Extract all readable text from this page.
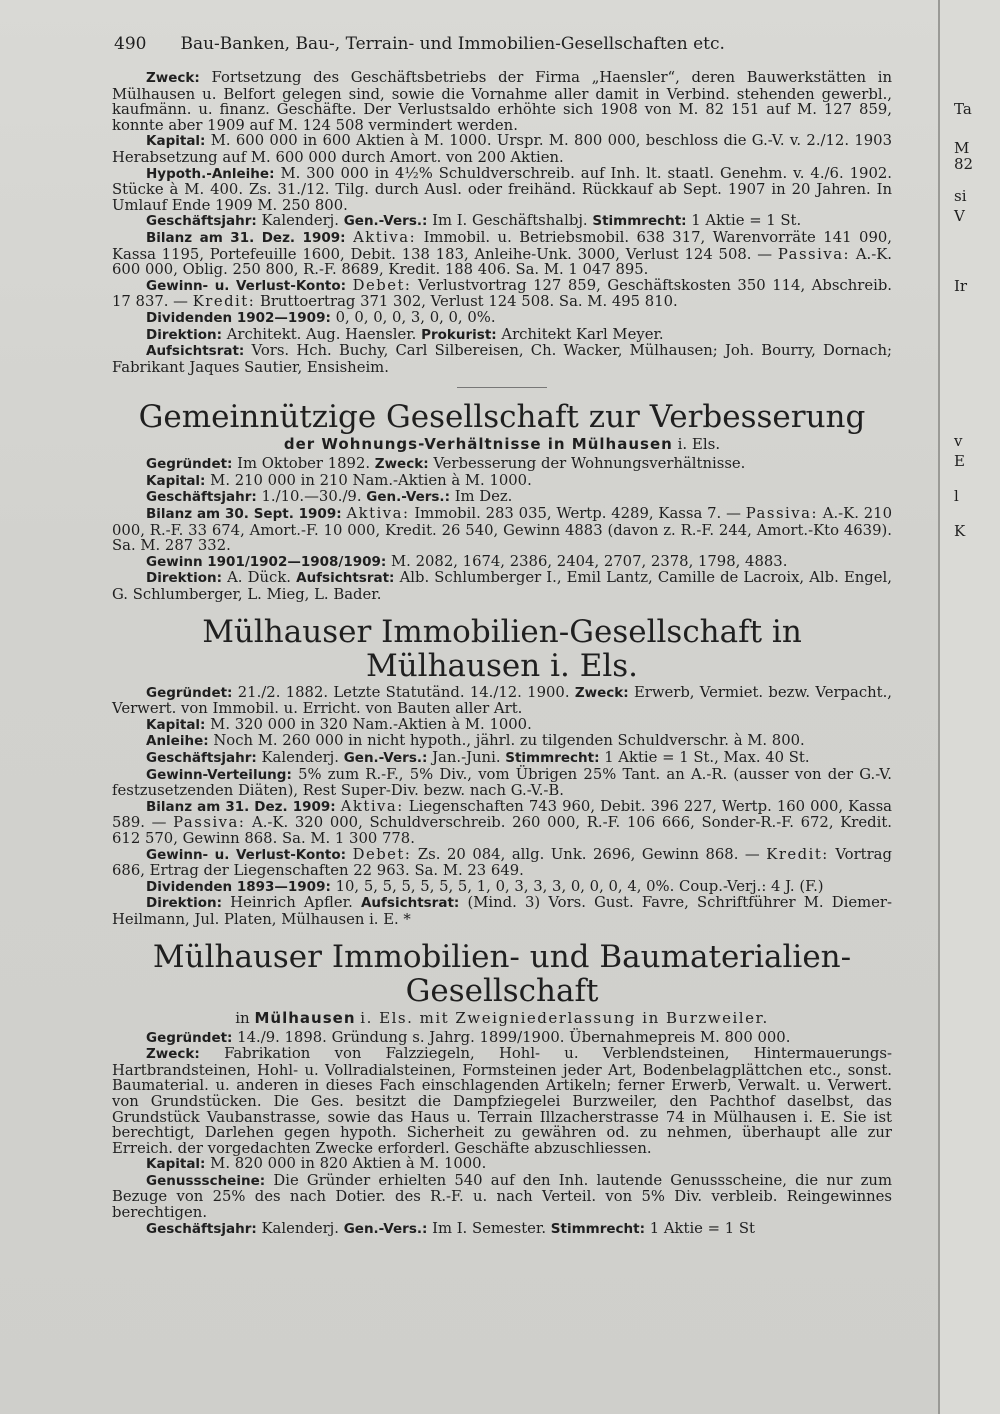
Ta
M
82
si
V
Ir
v
E
l
K
490 Bau-Banken, Bau-, Terrain- und Immobilien-Gesellschaften etc.

Zweck: Fortsetzung des Geschäftsbetriebs der Firma „Haensler“, deren Bauwerkstätten in Mülhausen u. Belfort gelegen sind, sowie die Vornahme aller damit in Verbind. stehenden gewerbl., kaufmänn. u. finanz. Geschäfte. Der Verlustsaldo erhöhte sich 1908 von M. 82 151 auf M. 127 859, konnte aber 1909 auf M. 124 508 vermindert werden.

Kapital: M. 600 000 in 600 Aktien à M. 1000. Urspr. M. 800 000, beschloss die G.-V. v. 2./12. 1903 Herabsetzung auf M. 600 000 durch Amort. von 200 Aktien.

Hypoth.-Anleihe: M. 300 000 in 4½% Schuldverschreib. auf Inh. lt. staatl. Genehm. v. 4./6. 1902. Stücke à M. 400. Zs. 31./12. Tilg. durch Ausl. oder freihänd. Rückkauf ab Sept. 1907 in 20 Jahren. In Umlauf Ende 1909 M. 250 800.

Geschäftsjahr: Kalenderj. Gen.-Vers.: Im I. Geschäftshalbj. Stimmrecht: 1 Aktie = 1 St.

Bilanz am 31. Dez. 1909: Aktiva: Immobil. u. Betriebsmobil. 638 317, Warenvorräte 141 090, Kassa 1195, Portefeuille 1600, Debit. 138 183, Anleihe-Unk. 3000, Verlust 124 508. — Passiva: A.-K. 600 000, Oblig. 250 800, R.-F. 8689, Kredit. 188 406. Sa. M. 1 047 895.

Gewinn- u. Verlust-Konto: Debet: Verlustvortrag 127 859, Geschäftskosten 350 114, Abschreib. 17 837. — Kredit: Bruttoertrag 371 302, Verlust 124 508. Sa. M. 495 810.

Dividenden 1902—1909: 0, 0, 0, 0, 3, 0, 0, 0%.

Direktion: Architekt. Aug. Haensler. Prokurist: Architekt Karl Meyer.

Aufsichtsrat: Vors. Hch. Buchy, Carl Silbereisen, Ch. Wacker, Mülhausen; Joh. Bourry, Dornach; Fabrikant Jaques Sautier, Ensisheim.

Gemeinnützige Gesellschaft zur Verbesserung
der Wohnungs-Verhältnisse in Mülhausen i. Els.

Gegründet: Im Oktober 1892. Zweck: Verbesserung der Wohnungsverhältnisse.

Kapital: M. 210 000 in 210 Nam.-Aktien à M. 1000.

Geschäftsjahr: 1./10.—30./9. Gen.-Vers.: Im Dez.

Bilanz am 30. Sept. 1909: Aktiva: Immobil. 283 035, Wertp. 4289, Kassa 7. — Passiva: A.-K. 210 000, R.-F. 33 674, Amort.-F. 10 000, Kredit. 26 540, Gewinn 4883 (davon z. R.-F. 244, Amort.-Kto 4639). Sa. M. 287 332.

Gewinn 1901/1902—1908/1909: M. 2082, 1674, 2386, 2404, 2707, 2378, 1798, 4883.

Direktion: A. Dück. Aufsichtsrat: Alb. Schlumberger I., Emil Lantz, Camille de Lacroix, Alb. Engel, G. Schlumberger, L. Mieg, L. Bader.

Mülhauser Immobilien-Gesellschaft in Mülhausen i. Els.

Gegründet: 21./2. 1882. Letzte Statutänd. 14./12. 1900. Zweck: Erwerb, Vermiet. bezw. Verpacht., Verwert. von Immobil. u. Erricht. von Bauten aller Art.

Kapital: M. 320 000 in 320 Nam.-Aktien à M. 1000.

Anleihe: Noch M. 260 000 in nicht hypoth., jährl. zu tilgenden Schuldverschr. à M. 800.

Geschäftsjahr: Kalenderj. Gen.-Vers.: Jan.-Juni. Stimmrecht: 1 Aktie = 1 St., Max. 40 St.

Gewinn-Verteilung: 5% zum R.-F., 5% Div., vom Übrigen 25% Tant. an A.-R. (ausser von der G.-V. festzusetzenden Diäten), Rest Super-Div. bezw. nach G.-V.-B.

Bilanz am 31. Dez. 1909: Aktiva: Liegenschaften 743 960, Debit. 396 227, Wertp. 160 000, Kassa 589. — Passiva: A.-K. 320 000, Schuldverschreib. 260 000, R.-F. 106 666, Sonder-R.-F. 672, Kredit. 612 570, Gewinn 868. Sa. M. 1 300 778.

Gewinn- u. Verlust-Konto: Debet: Zs. 20 084, allg. Unk. 2696, Gewinn 868. — Kredit: Vortrag 686, Ertrag der Liegenschaften 22 963. Sa. M. 23 649.

Dividenden 1893—1909: 10, 5, 5, 5, 5, 5, 5, 1, 0, 3, 3, 3, 0, 0, 0, 4, 0%. Coup.-Verj.: 4 J. (F.)

Direktion: Heinrich Apfler. Aufsichtsrat: (Mind. 3) Vors. Gust. Favre, Schriftführer M. Diemer-Heilmann, Jul. Platen, Mülhausen i. E. *

Mülhauser Immobilien- und Baumaterialien-Gesellschaft
in Mülhausen i. Els. mit Zweigniederlassung in Burzweiler.

Gegründet: 14./9. 1898. Gründung s. Jahrg. 1899/1900. Übernahmepreis M. 800 000.

Zweck: Fabrikation von Falzziegeln, Hohl- u. Verblendsteinen, Hintermauerungs-Hartbrandsteinen, Hohl- u. Vollradialsteinen, Formsteinen jeder Art, Bodenbelagplättchen etc., sonst. Baumaterial. u. anderen in dieses Fach einschlagenden Artikeln; ferner Erwerb, Verwalt. u. Verwert. von Grundstücken. Die Ges. besitzt die Dampfziegelei Burzweiler, den Pachthof daselbst, das Grundstück Vaubanstrasse, sowie das Haus u. Terrain Illzacherstrasse 74 in Mülhausen i. E. Sie ist berechtigt, Darlehen gegen hypoth. Sicherheit zu gewähren od. zu nehmen, überhaupt alle zur Erreich. der vorgedachten Zwecke erforderl. Geschäfte abzuschliessen.

Kapital: M. 820 000 in 820 Aktien à M. 1000.

Genussscheine: Die Gründer erhielten 540 auf den Inh. lautende Genussscheine, die nur zum Bezuge von 25% des nach Dotier. des R.-F. u. nach Verteil. von 5% Div. verbleib. Reingewinnes berechtigen.

Geschäftsjahr: Kalenderj. Gen.-Vers.: Im I. Semester. Stimmrecht: 1 Aktie = 1 St
